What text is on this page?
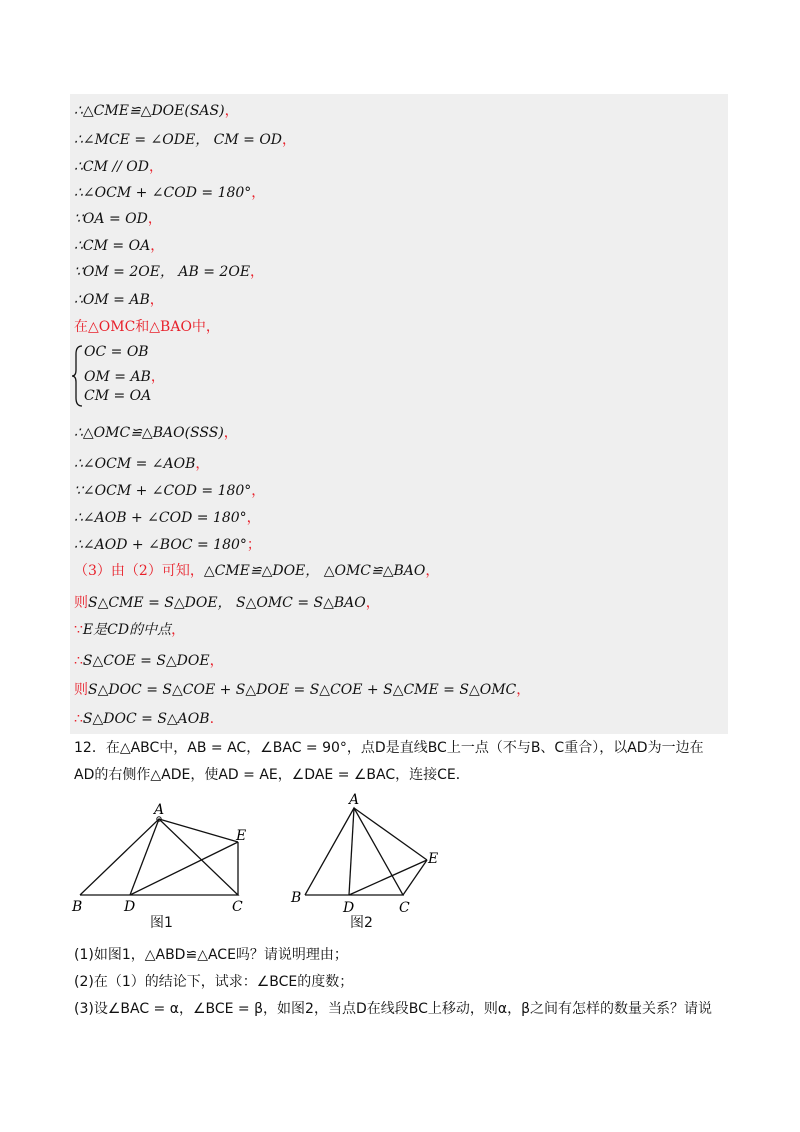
∴△CME≌△DOE(SAS)，
∴∠MCE = ∠ODE， CM = OD，
∴CM // OD，
∴∠OCM + ∠COD = 180°，
∵OA = OD，
∴CM = OA，
∵OM = 2OE， AB = 2OE，
∴OM = AB，
在△OMC和△BAO中，
OC = OB
OM = AB，
CM = OA
∴△OMC≌△BAO(SSS)，
∴∠OCM = ∠AOB，
∵∠OCM + ∠COD = 180°，
∴∠AOB + ∠COD = 180°，
∴∠AOD + ∠BOC = 180°；
（3）由（2）可知，△CME≌△DOE， △OMC≌△BAO，
则S△CME = S△DOE， S△OMC = S△BAO，
∵E是CD的中点，
∴S△COE = S△DOE，
则S△DOC = S△COE + S△DOE = S△COE + S△CME = S△OMC，
∴S△DOC = S△AOB.
12．在△ABC中，AB = AC，∠BAC = 90°，点D是直线BC上一点（不与B、C重合），以AD为一边在
AD的右侧作△ADE，使AD = AE，∠DAE = ∠BAC，连接CE．
A
B	D	C
E
图1
A
B
D	C
E
图2
(1)如图1，△ABD≌△ACE吗？请说明理由；
(2)在（1）的结论下，试求：∠BCE的度数；
(3)设∠BAC = α，∠BCE = β，如图2，当点D在线段BC上移动，则α，β之间有怎样的数量关系？请说
